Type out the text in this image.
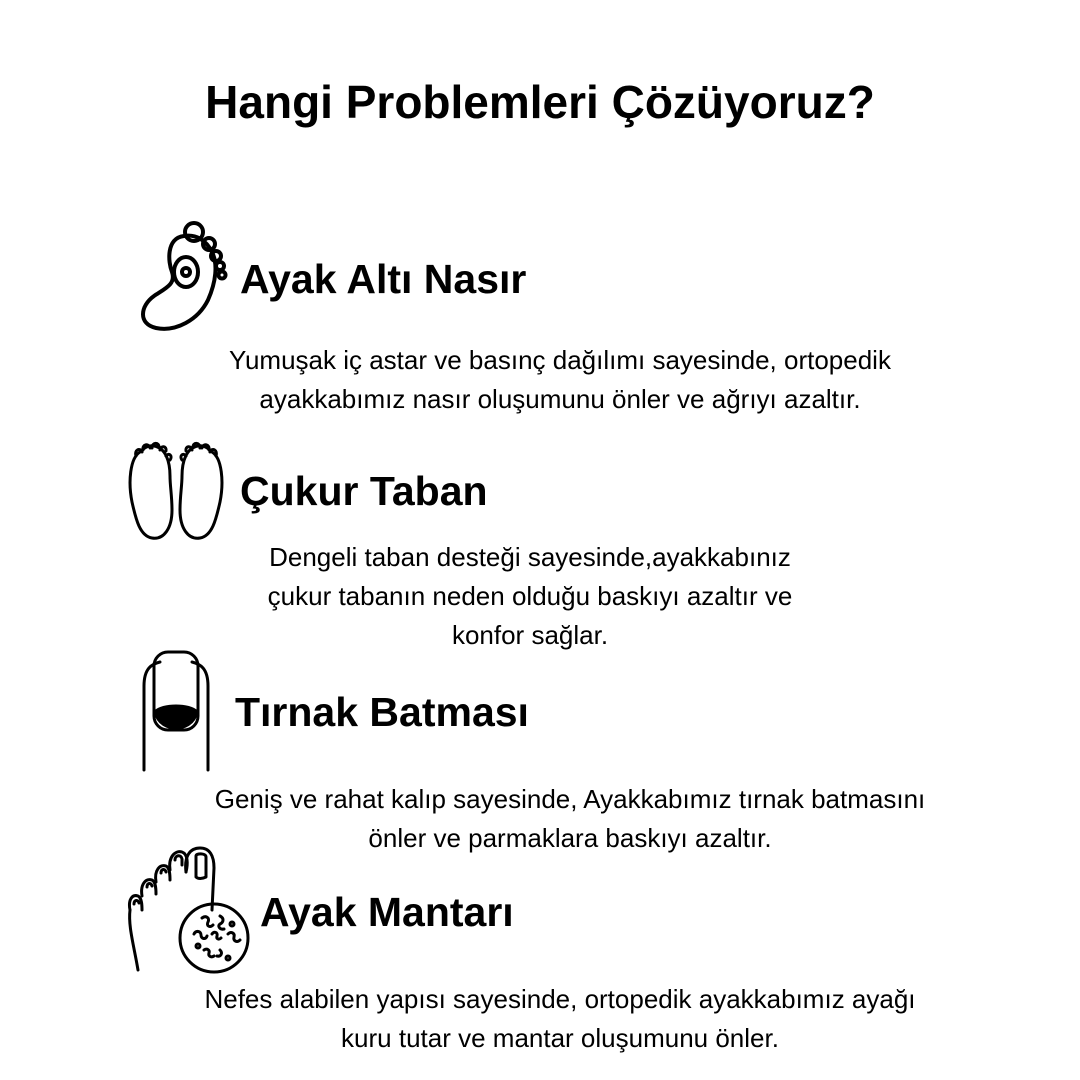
Hangi Problemleri Çözüyoruz?
Ayak Altı Nasır

Yumuşak iç astar ve basınç dağılımı sayesinde, ortopedik
ayakkabımız nasır oluşumunu önler ve ağrıyı azaltır.

Çukur Taban

Dengeli taban desteği sayesinde,ayakkabınız
çukur tabanın neden olduğu baskıyı azaltır ve
konfor sağlar.

Tırnak Batması

Geniş ve rahat kalıp sayesinde, Ayakkabımız tırnak batmasını
önler ve parmaklara baskıyı azaltır.

Ayak Mantarı

Nefes alabilen yapısı sayesinde, ortopedik ayakkabımız ayağı
kuru tutar ve mantar oluşumunu önler.
